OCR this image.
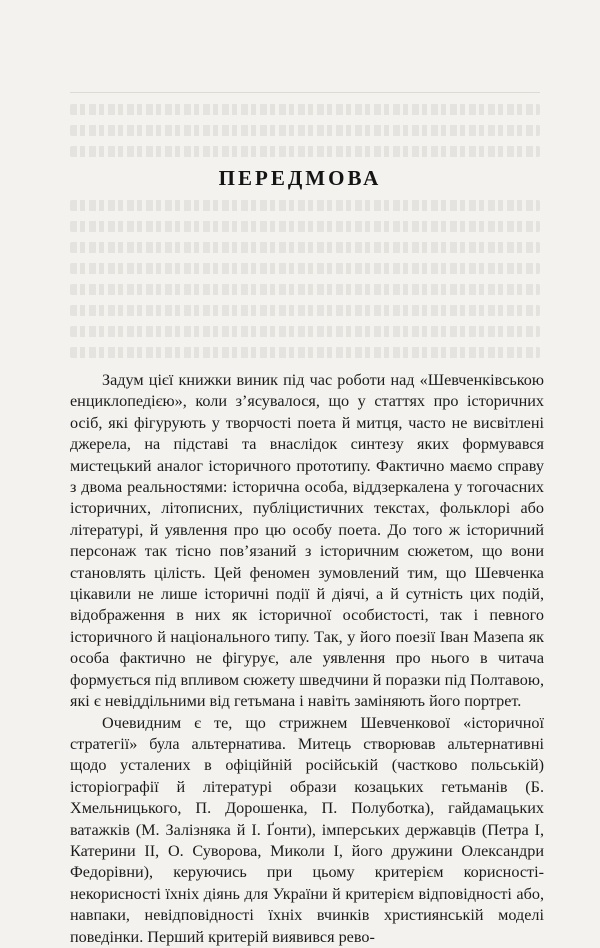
ПЕРЕДМОВА

Задум цієї книжки виник під час роботи над «Шевченківською енциклопедією», коли з’ясувалося, що у статтях про історичних осіб, які фігурують у творчості поета й митця, часто не висвітлені джерела, на підставі та внаслідок синтезу яких формувався мистецький аналог історичного прототипу. Фактично маємо справу з двома реальностями: історична особа, віддзеркалена у тогочасних історичних, літописних, публіцистичних текстах, фольклорі або літературі, й уявлення про цю особу поета. До того ж історичний персонаж так тісно пов’язаний з історичним сюжетом, що вони становлять цілість. Цей феномен зумовлений тим, що Шевченка цікавили не лише історичні події й діячі, а й сутність цих подій, відображення в них як історичної особистості, так і певного історичного й національного типу. Так, у його поезії Іван Мазепа як особа фактично не фігурує, але уявлення про нього в читача формується під впливом сюжету шведчини й поразки під Полтавою, які є невіддільними від гетьмана і навіть заміняють його портрет.

Очевидним є те, що стрижнем Шевченкової «історичної стратегії» була альтернатива. Митець створював альтернативні щодо усталених в офіційній російській (частково польській) історіографії й літературі образи козацьких гетьманів (Б. Хмельницького, П. Дорошенка, П. Полуботка), гайдамацьких ватажків (М. Залізняка й І. Ґонти), імперських державців (Петра І, Катерини ІІ, О. Суворова, Миколи І, його дружини Олександри Федорівни), керуючись при цьому критерієм корисності-некорисності їхніх діянь для України й критерієм відповідності або, навпаки, невідповідності їхніх вчинків християнській моделі поведінки. Перший критерій виявився рево-
